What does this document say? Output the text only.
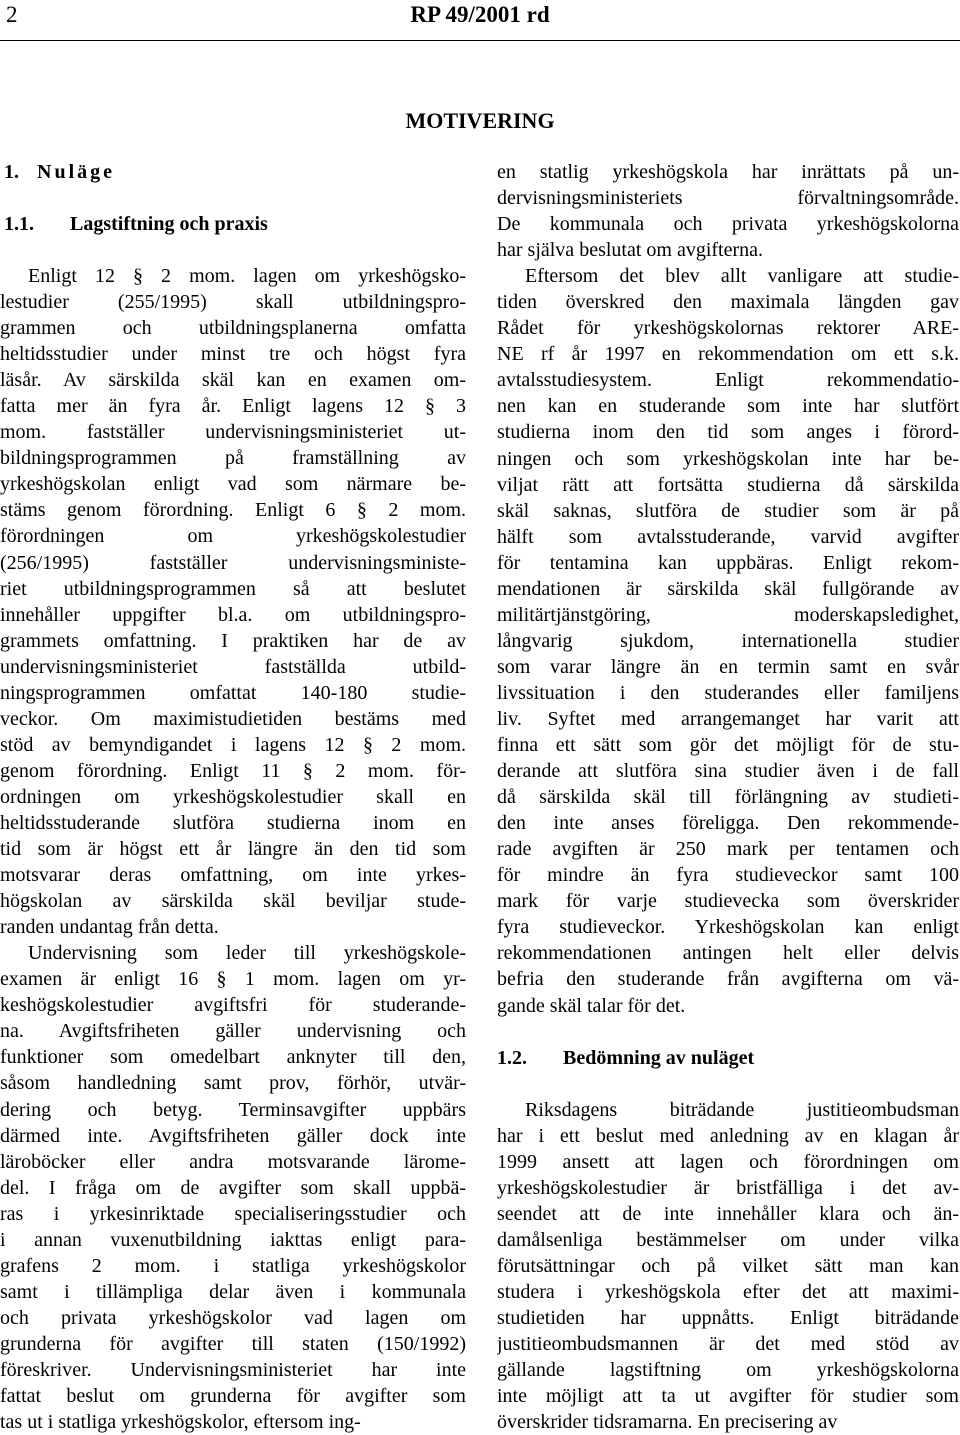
2	RP 49/2001 rd
MOTIVERING
1. Nuläge
1.1. Lagstiftning och praxis
Enligt 12 § 2 mom. lagen om yrkeshögsko-
lestudier (255/1995) skall utbildningspro-
grammen och utbildningsplanerna omfatta
heltidsstudier under minst tre och högst fyra
läsår. Av särskilda skäl kan en examen om-
fatta mer än fyra år. Enligt lagens 12 § 3
mom. fastställer undervisningsministeriet ut-
bildningsprogrammen på framställning av
yrkeshögskolan enligt vad som närmare be-
stäms genom förordning. Enligt 6 § 2 mom.
förordningen om yrkeshögskolestudier
(256/1995) fastställer undervisningsministe-
riet utbildningsprogrammen så att beslutet
innehåller uppgifter bl.a. om utbildningspro-
grammets omfattning. I praktiken har de av
undervisningsministeriet fastställda utbild-
ningsprogrammen omfattat 140-180 studie-
veckor. Om maximistudietiden bestäms med
stöd av bemyndigandet i lagens 12 § 2 mom.
genom förordning. Enligt 11 § 2 mom. för-
ordningen om yrkeshögskolestudier skall en
heltidsstuderande slutföra studierna inom en
tid som är högst ett år längre än den tid som
motsvarar deras omfattning, om inte yrkes-
högskolan av särskilda skäl beviljar stude-
randen undantag från detta.
Undervisning som leder till yrkeshögskole-
examen är enligt 16 § 1 mom. lagen om yr-
keshögskolestudier avgiftsfri för studerande-
na. Avgiftsfriheten gäller undervisning och
funktioner som omedelbart anknyter till den,
såsom handledning samt prov, förhör, utvär-
dering och betyg. Terminsavgifter uppbärs
därmed inte. Avgiftsfriheten gäller dock inte
läroböcker eller andra motsvarande lärome-
del. I fråga om de avgifter som skall uppbä-
ras i yrkesinriktade specialiseringsstudier och
i annan vuxenutbildning iakttas enligt para-
grafens 2 mom. i statliga yrkeshögskolor
samt i tillämpliga delar även i kommunala
och privata yrkeshögskolor vad lagen om
grunderna för avgifter till staten (150/1992)
föreskriver. Undervisningsministeriet har inte
fattat beslut om grunderna för avgifter som
tas ut i statliga yrkeshögskolor, eftersom ing-
en statlig yrkeshögskola har inrättats på un-
dervisningsministeriets förvaltningsområde.
De kommunala och privata yrkeshögskolorna
har själva beslutat om avgifterna.
Eftersom det blev allt vanligare att studie-
tiden överskred den maximala längden gav
Rådet för yrkeshögskolornas rektorer ARE-
NE rf år 1997 en rekommendation om ett s.k.
avtalsstudiesystem. Enligt rekommendatio-
nen kan en studerande som inte har slutfört
studierna inom den tid som anges i förord-
ningen och som yrkeshögskolan inte har be-
viljat rätt att fortsätta studierna då särskilda
skäl saknas, slutföra de studier som är på
hälft som avtalsstuderande, varvid avgifter
för tentamina kan uppbäras. Enligt rekom-
mendationen är särskilda skäl fullgörande av
militärtjänstgöring, moderskapsledighet,
långvarig sjukdom, internationella studier
som varar längre än en termin samt en svår
livssituation i den studerandes eller familjens
liv. Syftet med arrangemanget har varit att
finna ett sätt som gör det möjligt för de stu-
derande att slutföra sina studier även i de fall
då särskilda skäl till förlängning av studieti-
den inte anses föreligga. Den rekommende-
rade avgiften är 250 mark per tentamen och
för mindre än fyra studieveckor samt 100
mark för varje studievecka som överskrider
fyra studieveckor. Yrkeshögskolan kan enligt
rekommendationen antingen helt eller delvis
befria den studerande från avgifterna om vä-
gande skäl talar för det.
1.2. Bedömning av nuläget
Riksdagens biträdande justitieombudsman
har i ett beslut med anledning av en klagan år
1999 ansett att lagen och förordningen om
yrkeshögskolestudier är bristfälliga i det av-
seendet att de inte innehåller klara och än-
damålsenliga bestämmelser om under vilka
förutsättningar och på vilket sätt man kan
studera i yrkeshögskola efter det att maximi-
studietiden har uppnåtts. Enligt biträdande
justitieombudsmannen är det med stöd av
gällande lagstiftning om yrkeshögskolorna
inte möjligt att ta ut avgifter för studier som
överskrider tidsramarna. En precisering av
